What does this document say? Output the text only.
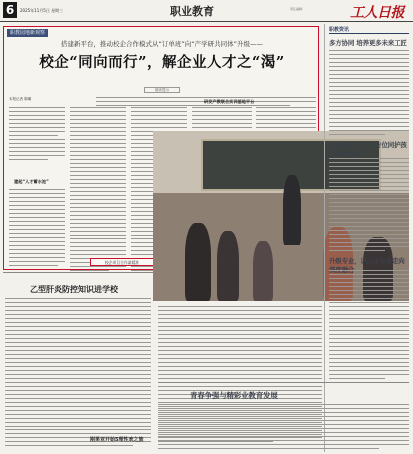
6	2025年11月5日 星期三	职业教育	责任编辑：	工人日报
职教园地新观察
搭建新平台，推动校企合作模式从“订单班”向“产学研共同体”升级——
校企“同向而行”，解企业人才之“渴”
阅读提示
本报记者 陈曦
建起“人才蓄水池”
研发产教联合实训基地平台
校企项目合作谋精准
乙型肝炎防控知识进学校
刚果亚开始5理性欢之旅
职教资讯
多方协同 培养更多未来工匠
从小培工人手 全方位同护孩子美丽心灵
升级专业，以人才专业走向深度融合
青春争强与精彩业教育发展
